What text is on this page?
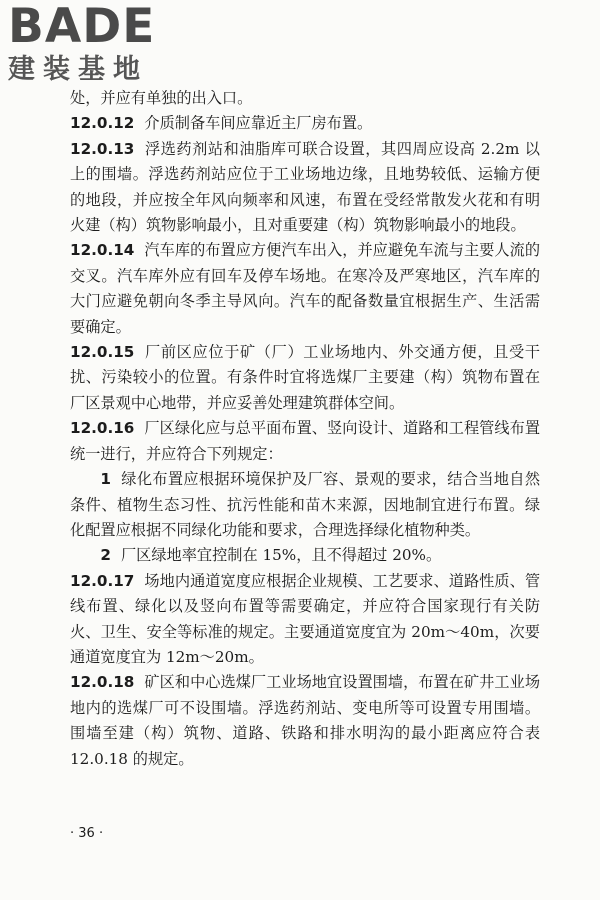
BADE
建装基地

处，并应有单独的出入口。

12.0.12 介质制备车间应靠近主厂房布置。

12.0.13 浮选药剂站和油脂库可联合设置，其四周应设高 2.2m 以上的围墙。浮选药剂站应位于工业场地边缘，且地势较低、运输方便的地段，并应按全年风向频率和风速，布置在受经常散发火花和有明火建（构）筑物影响最小，且对重要建（构）筑物影响最小的地段。

12.0.14 汽车库的布置应方便汽车出入，并应避免车流与主要人流的交叉。汽车库外应有回车及停车场地。在寒冷及严寒地区，汽车库的大门应避免朝向冬季主导风向。汽车的配备数量宜根据生产、生活需要确定。

12.0.15 厂前区应位于矿（厂）工业场地内、外交通方便，且受干扰、污染较小的位置。有条件时宜将选煤厂主要建（构）筑物布置在厂区景观中心地带，并应妥善处理建筑群体空间。

12.0.16 厂区绿化应与总平面布置、竖向设计、道路和工程管线布置统一进行，并应符合下列规定：

1 绿化布置应根据环境保护及厂容、景观的要求，结合当地自然条件、植物生态习性、抗污性能和苗木来源，因地制宜进行布置。绿化配置应根据不同绿化功能和要求，合理选择绿化植物种类。

2 厂区绿地率宜控制在 15%，且不得超过 20%。

12.0.17 场地内通道宽度应根据企业规模、工艺要求、道路性质、管线布置、绿化以及竖向布置等需要确定，并应符合国家现行有关防火、卫生、安全等标准的规定。主要通道宽度宜为 20m～40m，次要通道宽度宜为 12m～20m。

12.0.18 矿区和中心选煤厂工业场地宜设置围墙，布置在矿井工业场地内的选煤厂可不设围墙。浮选药剂站、变电所等可设置专用围墙。围墙至建（构）筑物、道路、铁路和排水明沟的最小距离应符合表 12.0.18 的规定。

· 36 ·
